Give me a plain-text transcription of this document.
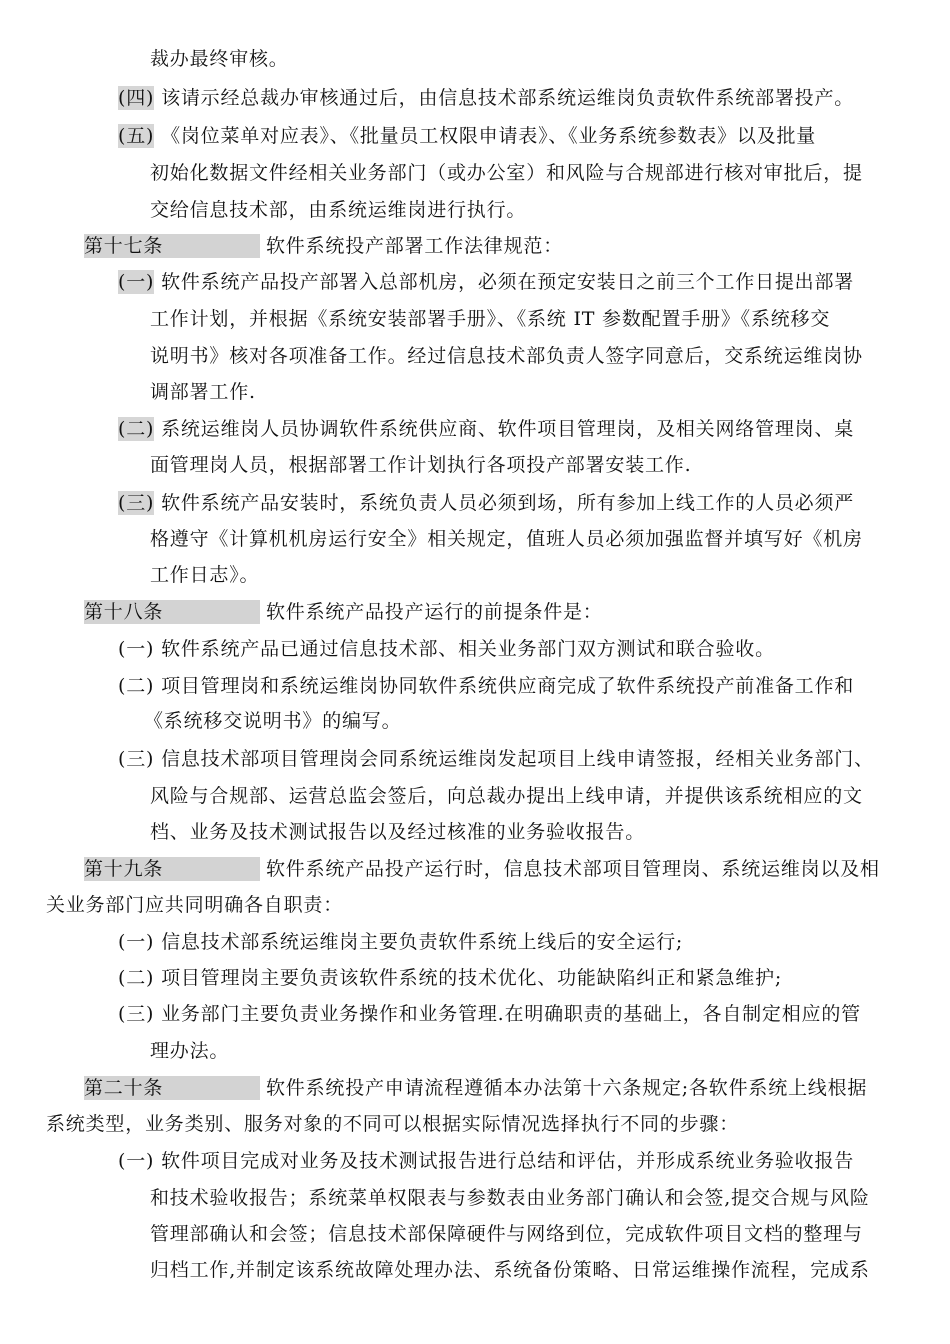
裁办最终审核。
(四) 该请示经总裁办审核通过后，由信息技术部系统运维岗负责软件系统部署投产。
(五) 《岗位菜单对应表》、《批量员工权限申请表》、《业务系统参数表》以及批量
初始化数据文件经相关业务部门（或办公室）和风险与合规部进行核对审批后，提
交给信息技术部，由系统运维岗进行执行。
第十七条	软件系统投产部署工作法律规范：
(一) 软件系统产品投产部署入总部机房，必须在预定安装日之前三个工作日提出部署
工作计划，并根据《系统安装部署手册》、《系统 IT 参数配置手册》《系统移交
说明书》核对各项准备工作。经过信息技术部负责人签字同意后，交系统运维岗协
调部署工作.
(二) 系统运维岗人员协调软件系统供应商、软件项目管理岗，及相关网络管理岗、桌
面管理岗人员，根据部署工作计划执行各项投产部署安装工作.
(三) 软件系统产品安装时，系统负责人员必须到场，所有参加上线工作的人员必须严
格遵守《计算机机房运行安全》相关规定，值班人员必须加强监督并填写好《机房
工作日志》。
第十八条	软件系统产品投产运行的前提条件是：
(一) 软件系统产品已通过信息技术部、相关业务部门双方测试和联合验收。
(二) 项目管理岗和系统运维岗协同软件系统供应商完成了软件系统投产前准备工作和
《系统移交说明书》的编写。
(三) 信息技术部项目管理岗会同系统运维岗发起项目上线申请签报，经相关业务部门、
风险与合规部、运营总监会签后，向总裁办提出上线申请，并提供该系统相应的文
档、业务及技术测试报告以及经过核准的业务验收报告。
第十九条	软件系统产品投产运行时，信息技术部项目管理岗、系统运维岗以及相
关业务部门应共同明确各自职责：
(一) 信息技术部系统运维岗主要负责软件系统上线后的安全运行;
(二) 项目管理岗主要负责该软件系统的技术优化、功能缺陷纠正和紧急维护;
(三) 业务部门主要负责业务操作和业务管理.在明确职责的基础上，各自制定相应的管
理办法。
第二十条	软件系统投产申请流程遵循本办法第十六条规定;各软件系统上线根据
系统类型，业务类别、服务对象的不同可以根据实际情况选择执行不同的步骤：
(一) 软件项目完成对业务及技术测试报告进行总结和评估，并形成系统业务验收报告
和技术验收报告；系统菜单权限表与参数表由业务部门确认和会签,提交合规与风险
管理部确认和会签；信息技术部保障硬件与网络到位，完成软件项目文档的整理与
归档工作,并制定该系统故障处理办法、系统备份策略、日常运维操作流程，完成系
